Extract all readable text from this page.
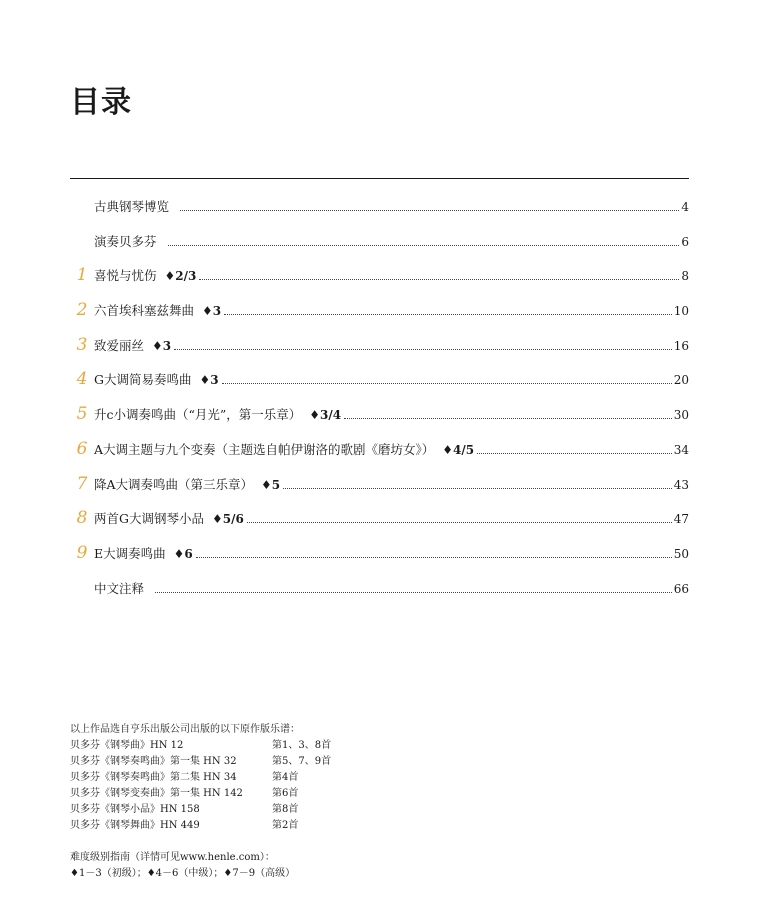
目录
古典钢琴博览	4
演奏贝多芬	6
1 喜悦与忧伤 ♦2/3	8
2 六首埃科塞兹舞曲 ♦3	10
3 致爱丽丝 ♦3	16
4 G大调简易奏鸣曲 ♦3	20
5 升c小调奏鸣曲（“月光”，第一乐章） ♦3/4	30
6 A大调主题与九个变奏（主题选自帕伊谢洛的歌剧《磨坊女》） ♦4/5	34
7 降A大调奏鸣曲（第三乐章） ♦5	43
8 两首G大调钢琴小品 ♦5/6	47
9 E大调奏鸣曲 ♦6	50
中文注释	66
以上作品选自亨乐出版公司出版的以下原作版乐谱：
贝多芬《钢琴曲》HN 12	第1、3、8首
贝多芬《钢琴奏鸣曲》第一集 HN 32	第5、7、9首
贝多芬《钢琴奏鸣曲》第二集 HN 34	第4首
贝多芬《钢琴变奏曲》第一集 HN 142	第6首
贝多芬《钢琴小品》HN 158	第8首
贝多芬《钢琴舞曲》HN 449	第2首
难度级别指南（详情可见www.henle.com）：
♦1－3（初级）；♦4－6（中级）；♦7－9（高级）
